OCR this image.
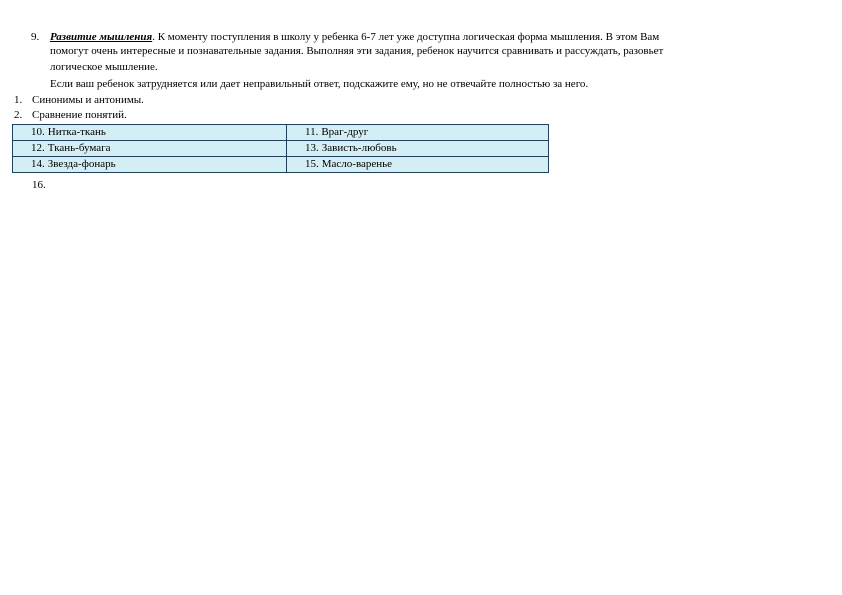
9. Развитие мышления. К моменту поступления в школу у ребенка 6-7 лет уже доступна логическая форма мышления. В этом Вам
помогут очень интересные и познавательные задания. Выполняя эти задания, ребенок научится сравнивать и рассуждать, разовьет
логическое мышление.
Если ваш ребенок затрудняется или дает неправильный ответ, подскажите ему, но не отвечайте полностью за него.
1. Синонимы и антонимы.
2. Сравнение понятий.
10. Нитка-ткань	11. Враг-друг
12. Ткань-бумага	13. Зависть-любовь
14. Звезда-фонарь	15. Масло-варенье
16.
